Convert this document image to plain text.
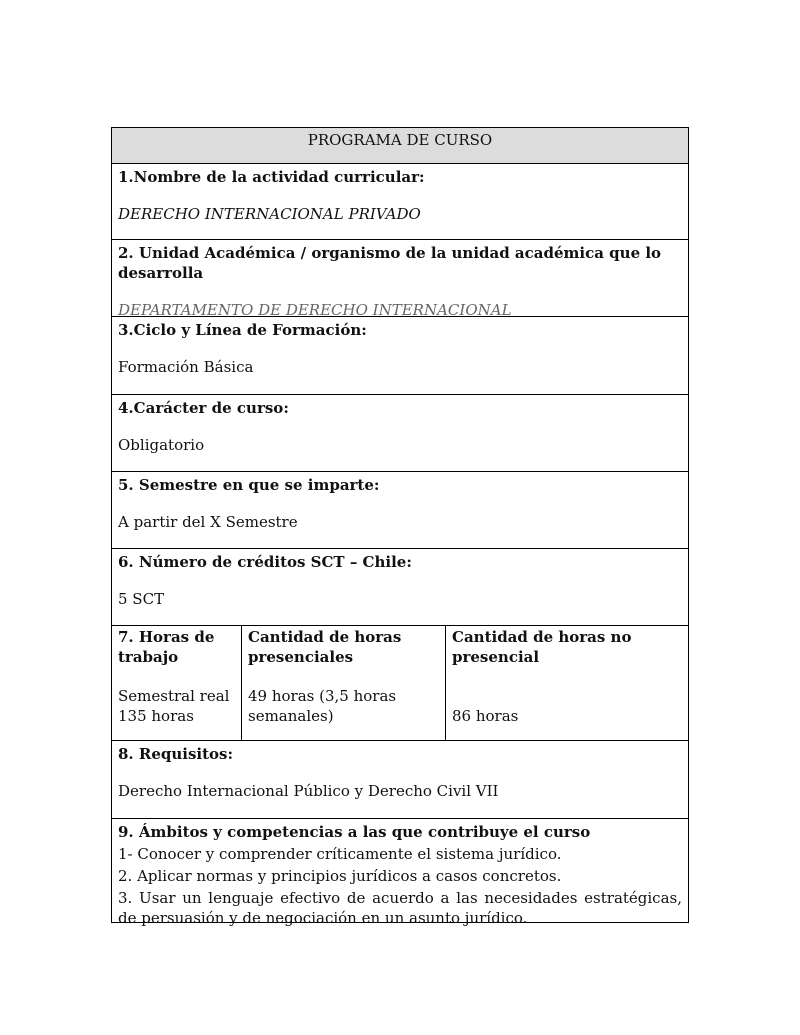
PROGRAMA DE CURSO
1.Nombre de la actividad curricular:
DERECHO INTERNACIONAL PRIVADO
2. Unidad Académica / organismo de la unidad académica que lo desarrolla
DEPARTAMENTO DE DERECHO INTERNACIONAL
3.Ciclo y Línea de Formación:
Formación Básica
4.Carácter de curso:
Obligatorio
5. Semestre en que se imparte:
A partir del X Semestre
6. Número de créditos SCT – Chile:
5 SCT
7. Horas de trabajo
Semestral real 135 horas
Cantidad de horas presenciales
49 horas (3,5 horas semanales)
Cantidad de horas no presencial
86 horas
8. Requisitos:
Derecho Internacional Público y Derecho Civil VII
9. Ámbitos y competencias a las que contribuye el curso
1- Conocer y comprender críticamente el sistema jurídico.
2. Aplicar normas y principios jurídicos a casos concretos.
3. Usar un lenguaje efectivo de acuerdo a las necesidades estratégicas, de persuasión y de negociación en un asunto jurídico.
